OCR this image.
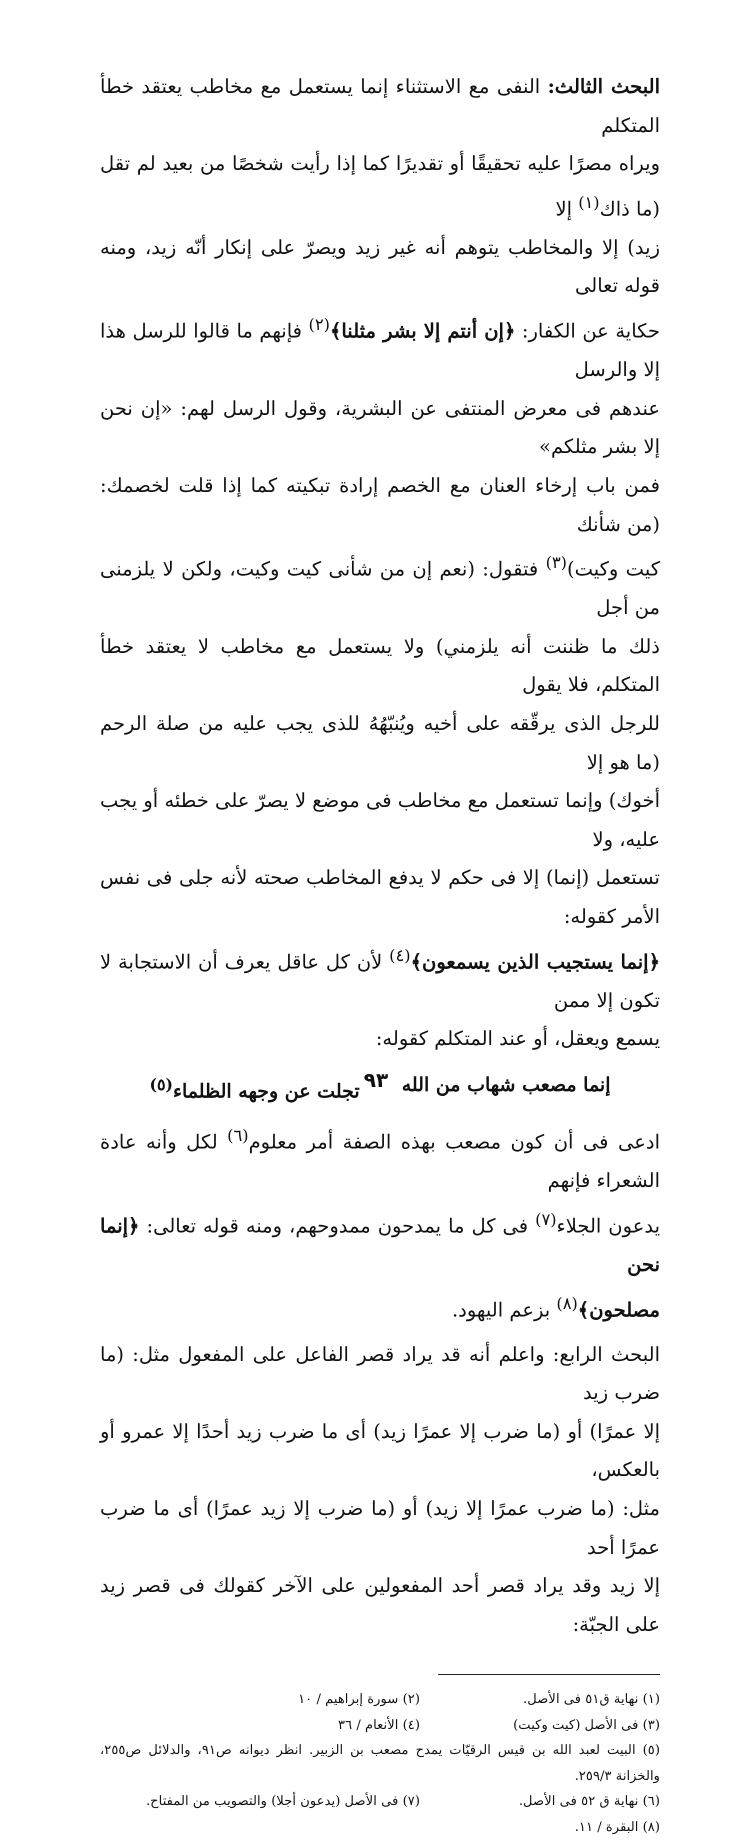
البحث الثالث: النفى مع الاستثناء إنما يستعمل مع مخاطب يعتقد خطأ المتكلم

ويراه مصرًا عليه تحقيقًا أو تقديرًا كما إذا رأيت شخصًا من بعيد لم تقل (ما ذاك$^{(١)}$ إلا

زيد) إلا والمخاطب يتوهم أنه غير زيد ويصرّ على إنكار أنّه زيد، ومنه قوله تعالى

حكاية عن الكفار: ﴿إن أنتم إلا بشر مثلنا﴾$^{(٢)}$ فإنهم ما قالوا للرسل هذا إلا والرسل

عندهم فى معرض المنتفى عن البشرية، وقول الرسل لهم: «إن نحن إلا بشر مثلكم»

فمن باب إرخاء العنان مع الخصم إرادة تبكيته كما إذا قلت لخصمك: (من شأنك

كيت وكيت)$^{(٣)}$ فتقول: (نعم إن من شأنى كيت وكيت، ولكن لا يلزمنى من أجل

ذلك ما ظننت أنه يلزمني) ولا يستعمل مع مخاطب لا يعتقد خطأ المتكلم، فلا يقول

للرجل الذى يرقّقه على أخيه ويُنبّهُهُ للذى يجب عليه من صلة الرحم (ما هو إلا

أخوك) وإنما تستعمل مع مخاطب فى موضع لا يصرّ على خطئه أو يجب عليه، ولا

تستعمل (إنما) إلا فى حكم لا يدفع المخاطب صحته لأنه جلى فى نفس الأمر كقوله:

﴿إنما يستجيب الذين يسمعون﴾$^{(٤)}$ لأن كل عاقل يعرف أن الاستجابة لا تكون إلا ممن

يسمع ويعقل، أو عند المتكلم كقوله:

إنما مصعب شهاب من الله
تجلت عن وجهه الظلماء$^{(٥)}$

ادعى فى أن كون مصعب بهذه الصفة أمر معلوم$^{(٦)}$ لكل وأنه عادة الشعراء فإنهم

يدعون الجلاء$^{(٧)}$ فى كل ما يمدحون ممدوحهم، ومنه قوله تعالى: ﴿إنما نحن

مصلحون﴾$^{(٨)}$ بزعم اليهود.

البحث الرابع: واعلم أنه قد يراد قصر الفاعل على المفعول مثل: (ما ضرب زيد

إلا عمرًا) أو (ما ضرب إلا عمرًا زيد) أى ما ضرب زيد أحدًا إلا عمرو أو بالعكس،

مثل: (ما ضرب عمرًا إلا زيد) أو (ما ضرب إلا زيد عمرًا) أى ما ضرب عمرًا أحد

إلا زيد وقد يراد قصر أحد المفعولين على الآخر كقولك فى قصر زيد على الجبّة:

(١) نهاية ق٥١ فى الأصل.
(٢) سورة إبراهيم / ١٠
(٣) فى الأصل (كيت وكيت)
(٤) الأنعام / ٣٦
(٥) البيت لعبد الله بن قيس الرقيّات يمدح مصعب بن الزبير. انظر ديوانه ص٩١، والدلائل ص٢٥٥، والخزانة ٢٥٩/٣.
(٦) نهاية ق ٥٢ فى الأصل.
(٧) فى الأصل (يدعون أجلا) والتصويب من المفتاح.
(٨) البقرة / ١١.
٩٣
